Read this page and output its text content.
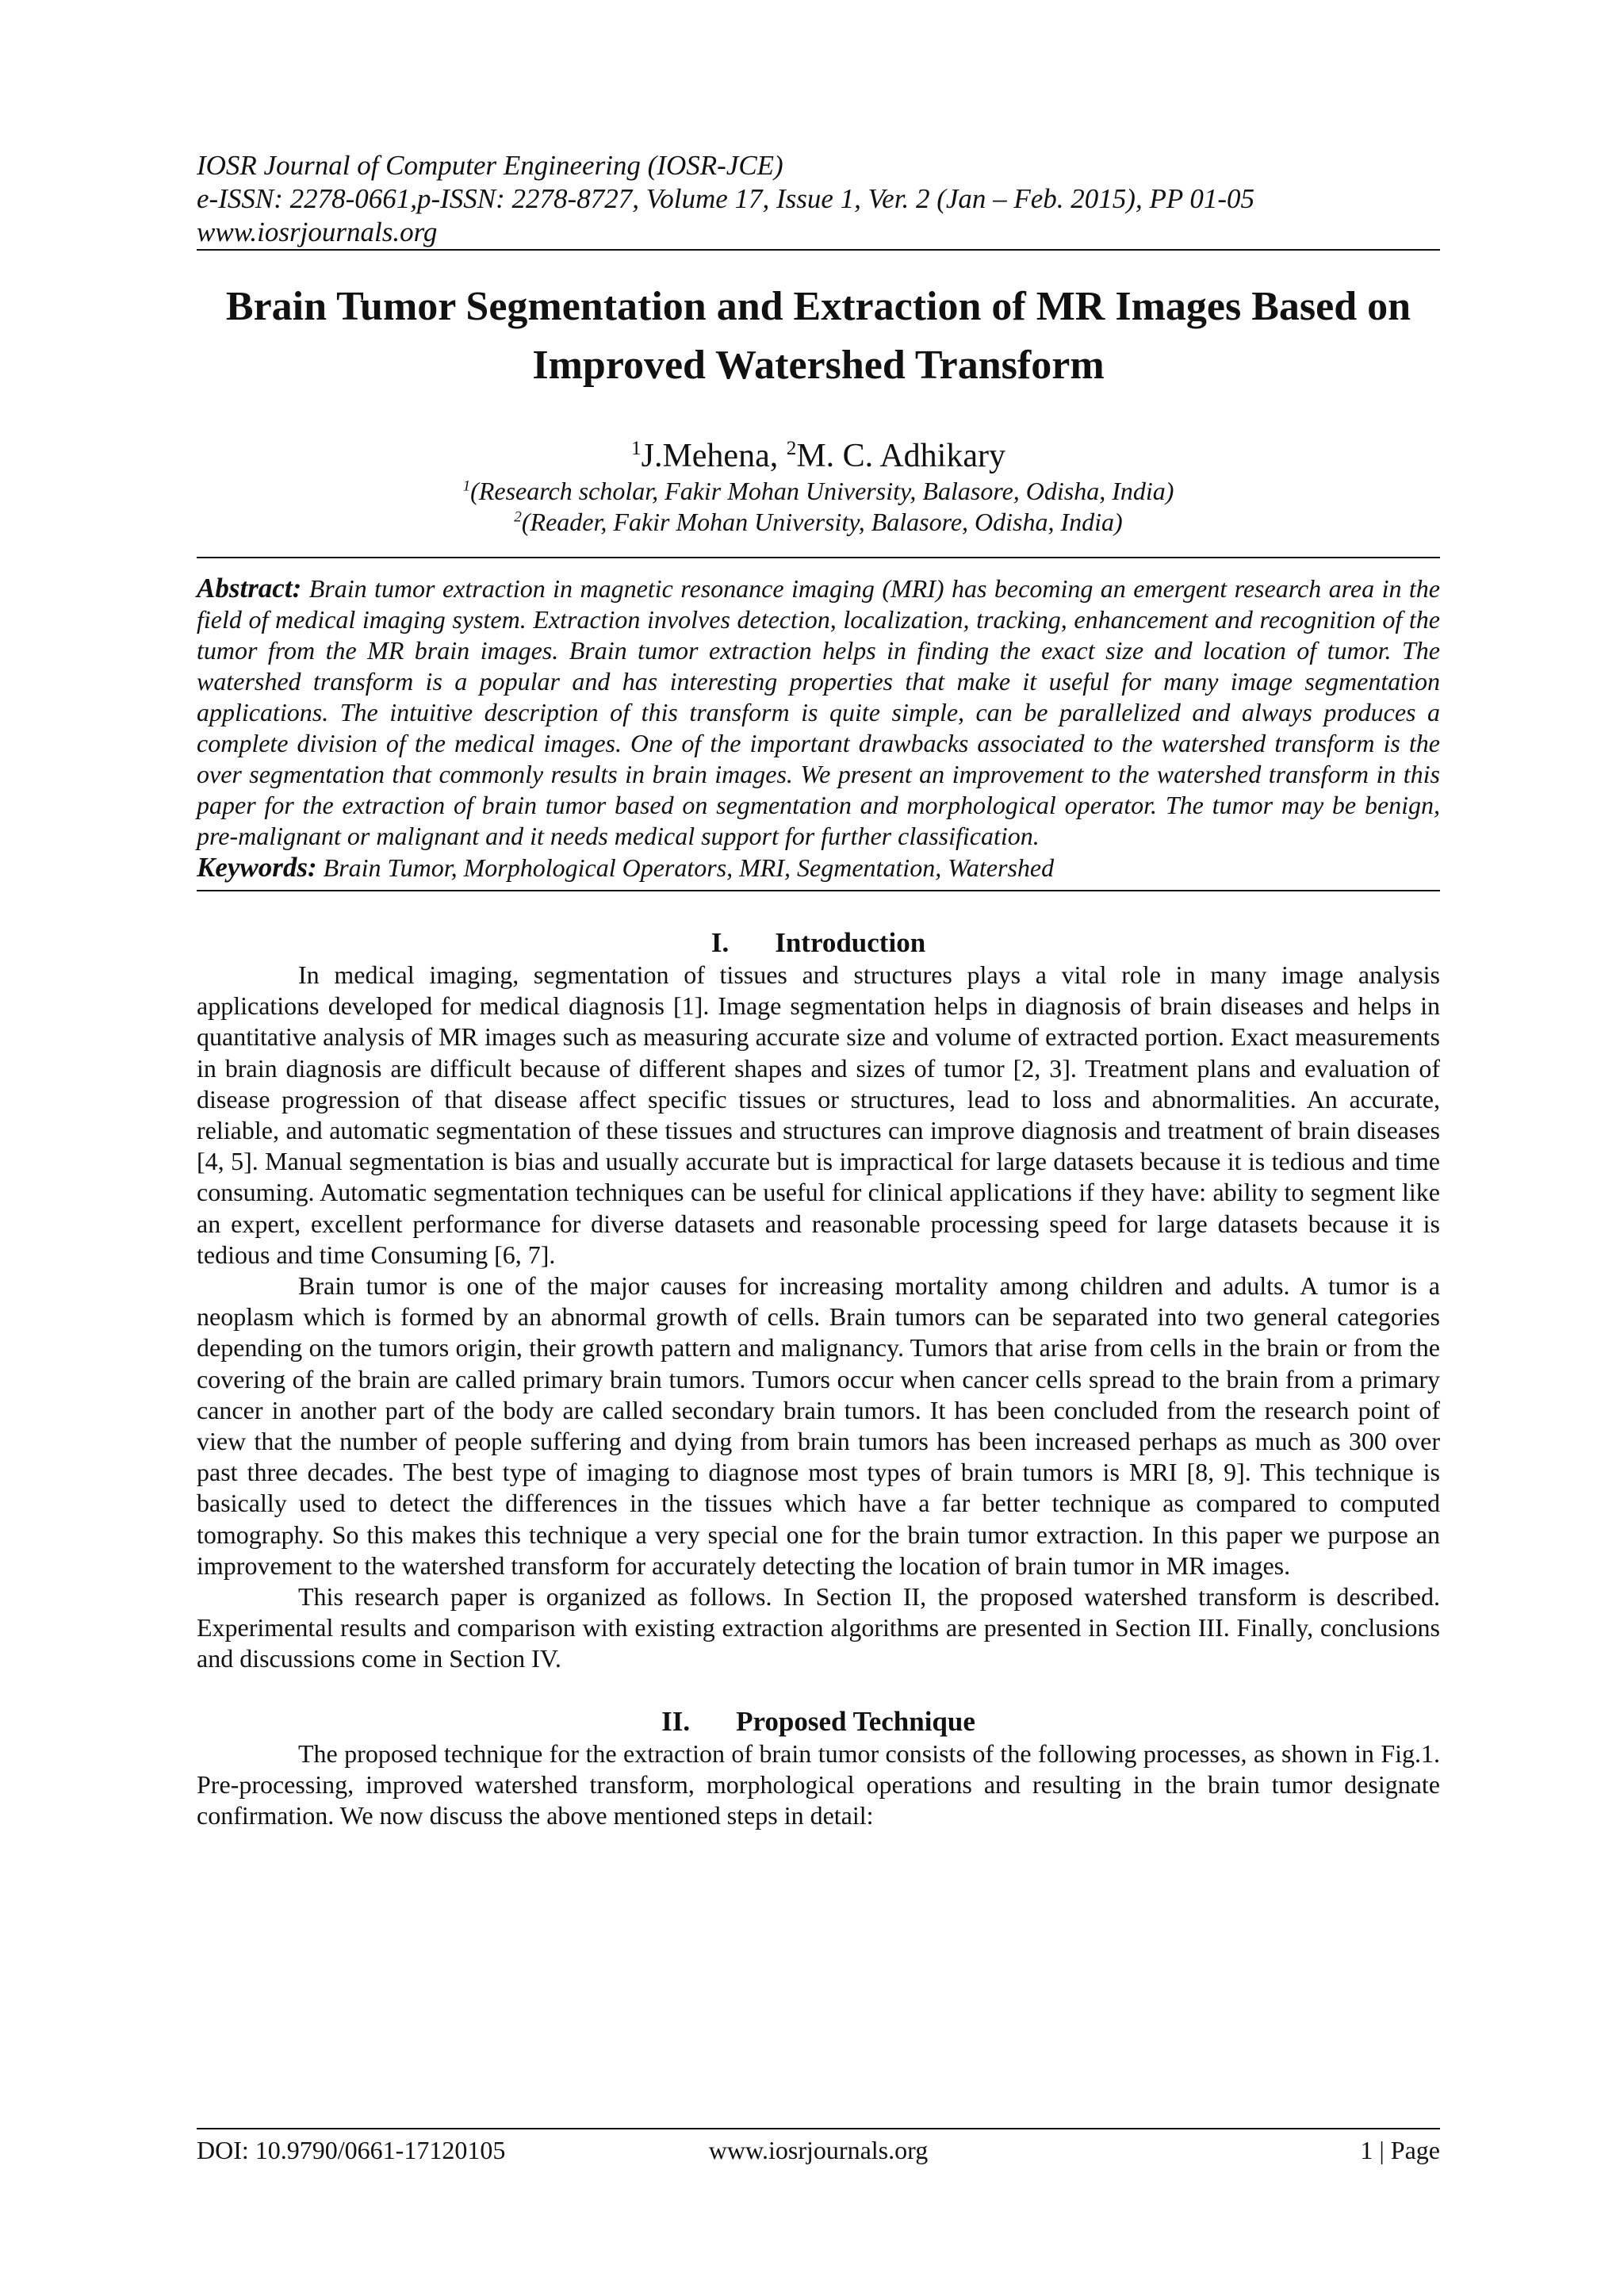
IOSR Journal of Computer Engineering (IOSR-JCE)
e-ISSN: 2278-0661,p-ISSN: 2278-8727, Volume 17, Issue 1, Ver. 2 (Jan – Feb. 2015), PP 01-05
www.iosrjournals.org
Brain Tumor Segmentation and Extraction of MR Images Based on Improved Watershed Transform
$^1$J.Mehena, $^2$M. C. Adhikary
$^1$(Research scholar, Fakir Mohan University, Balasore, Odisha, India)
$^2$(Reader, Fakir Mohan University, Balasore, Odisha, India)

Abstract: Brain tumor extraction in magnetic resonance imaging (MRI) has becoming an emergent research area in the field of medical imaging system. Extraction involves detection, localization, tracking, enhancement and recognition of the tumor from the MR brain images. Brain tumor extraction helps in finding the exact size and location of tumor. The watershed transform is a popular and has interesting properties that make it useful for many image segmentation applications. The intuitive description of this transform is quite simple, can be parallelized and always produces a complete division of the medical images. One of the important drawbacks associated to the watershed transform is the over segmentation that commonly results in brain images. We present an improvement to the watershed transform in this paper for the extraction of brain tumor based on segmentation and morphological operator. The tumor may be benign, pre-malignant or malignant and it needs medical support for further classification.

Keywords: Brain Tumor, Morphological Operators, MRI, Segmentation, Watershed

I. Introduction

In medical imaging, segmentation of tissues and structures plays a vital role in many image analysis applications developed for medical diagnosis [1]. Image segmentation helps in diagnosis of brain diseases and helps in quantitative analysis of MR images such as measuring accurate size and volume of extracted portion. Exact measurements in brain diagnosis are difficult because of different shapes and sizes of tumor [2, 3]. Treatment plans and evaluation of disease progression of that disease affect specific tissues or structures, lead to loss and abnormalities. An accurate, reliable, and automatic segmentation of these tissues and structures can improve diagnosis and treatment of brain diseases [4, 5]. Manual segmentation is bias and usually accurate but is impractical for large datasets because it is tedious and time consuming. Automatic segmentation techniques can be useful for clinical applications if they have: ability to segment like an expert, excellent performance for diverse datasets and reasonable processing speed for large datasets because it is tedious and time Consuming [6, 7].

Brain tumor is one of the major causes for increasing mortality among children and adults. A tumor is a neoplasm which is formed by an abnormal growth of cells. Brain tumors can be separated into two general categories depending on the tumors origin, their growth pattern and malignancy. Tumors that arise from cells in the brain or from the covering of the brain are called primary brain tumors. Tumors occur when cancer cells spread to the brain from a primary cancer in another part of the body are called secondary brain tumors. It has been concluded from the research point of view that the number of people suffering and dying from brain tumors has been increased perhaps as much as 300 over past three decades. The best type of imaging to diagnose most types of brain tumors is MRI [8, 9]. This technique is basically used to detect the differences in the tissues which have a far better technique as compared to computed tomography. So this makes this technique a very special one for the brain tumor extraction. In this paper we purpose an improvement to the watershed transform for accurately detecting the location of brain tumor in MR images.

This research paper is organized as follows. In Section II, the proposed watershed transform is described. Experimental results and comparison with existing extraction algorithms are presented in Section III. Finally, conclusions and discussions come in Section IV.

II. Proposed Technique

The proposed technique for the extraction of brain tumor consists of the following processes, as shown in Fig.1. Pre-processing, improved watershed transform, morphological operations and resulting in the brain tumor designate confirmation. We now discuss the above mentioned steps in detail:

DOI: 10.9790/0661-17120105	www.iosrjournals.org	1 | Page
